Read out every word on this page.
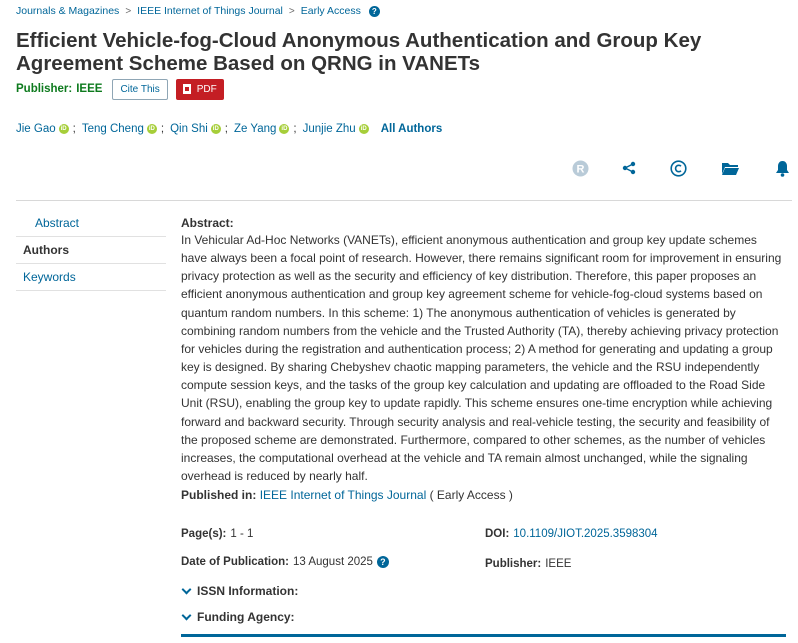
Journals & Magazines > IEEE Internet of Things Journal > Early Access	?
Efficient Vehicle-fog-Cloud Anonymous Authentication and Group Key Agreement Scheme Based on QRNG in VANETs
Publisher: IEEE Cite This	PDF
Jie Gao iD ; Teng Cheng iD ; Qin Shi iD ; Ze Yang iD ; Junjie Zhu iD All Authors
R
Abstract
Authors
Keywords
Abstract:
In Vehicular Ad-Hoc Networks (VANETs), efficient anonymous authentication and group key update schemes have always been a focal point of research. However, there remains significant room for improvement in ensuring privacy protection as well as the security and efficiency of key distribution. Therefore, this paper proposes an efficient anonymous authentication and group key agreement scheme for vehicle-fog-cloud systems based on quantum random numbers. In this scheme: 1) The anonymous authentication of vehicles is generated by combining random numbers from the vehicle and the Trusted Authority (TA), thereby achieving privacy protection for vehicles during the registration and authentication process; 2) A method for generating and updating a group key is designed. By sharing Chebyshev chaotic mapping parameters, the vehicle and the RSU independently compute session keys, and the tasks of the group key calculation and updating are offloaded to the Road Side Unit (RSU), enabling the group key to update rapidly. This scheme ensures one-time encryption while achieving forward and backward security. Through security analysis and real-vehicle testing, the security and feasibility of the proposed scheme are demonstrated. Furthermore, compared to other schemes, as the number of vehicles increases, the computational overhead at the vehicle and TA remain almost unchanged, while the signaling overhead is reduced by nearly half.
Published in: IEEE Internet of Things Journal ( Early Access )
Page(s): 1 - 1	DOI: 10.1109/JIOT.2025.3598304
Date of Publication: 13 August 2025 ?	Publisher: IEEE
ISSN Information:
Funding Agency:
